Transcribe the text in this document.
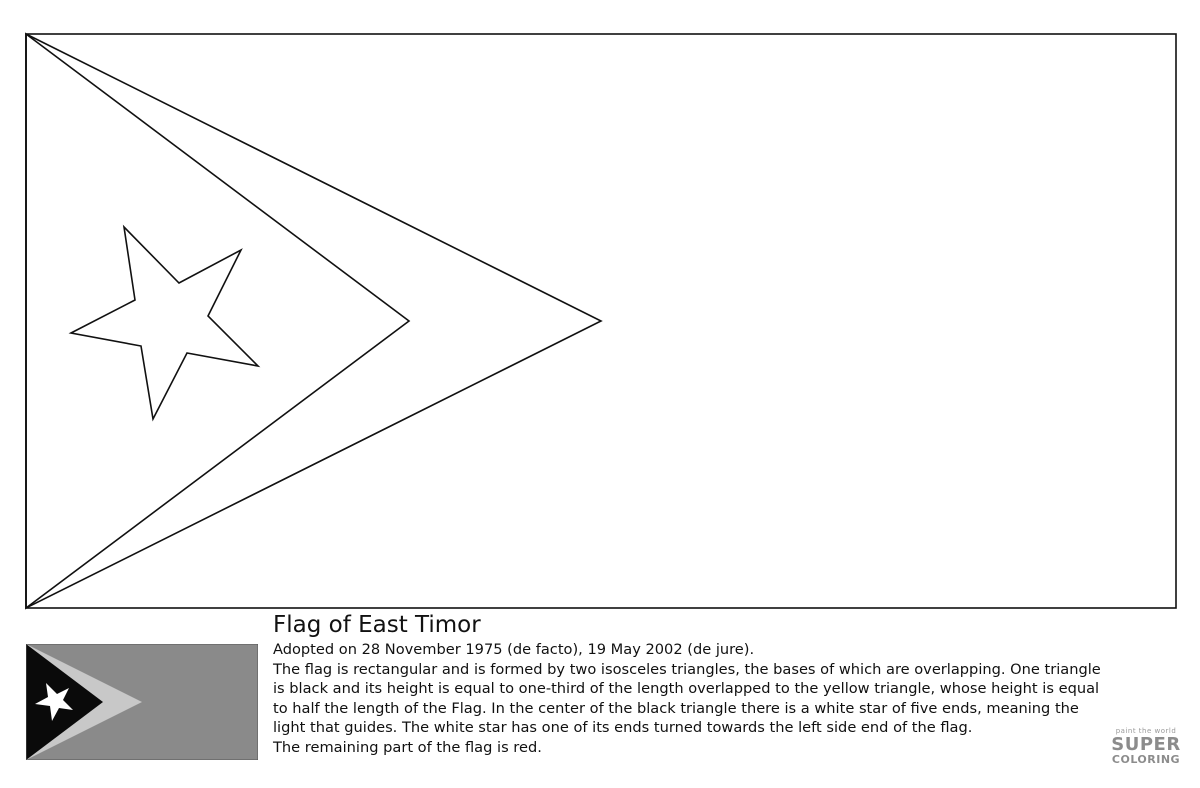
Flag of East Timor
Adopted on 28 November 1975 (de facto), 19 May 2002 (de jure).
The flag is rectangular and is formed by two isosceles triangles, the bases of which are overlapping. One triangle
is black and its height is equal to one-third of the length overlapped to the yellow triangle, whose height is equal
to half the length of the Flag. In the center of the black triangle there is a white star of five ends, meaning the
light that guides. The white star has one of its ends turned towards the left side end of the flag.
The remaining part of the flag is red.
paint the world
SUPER
COLORING
